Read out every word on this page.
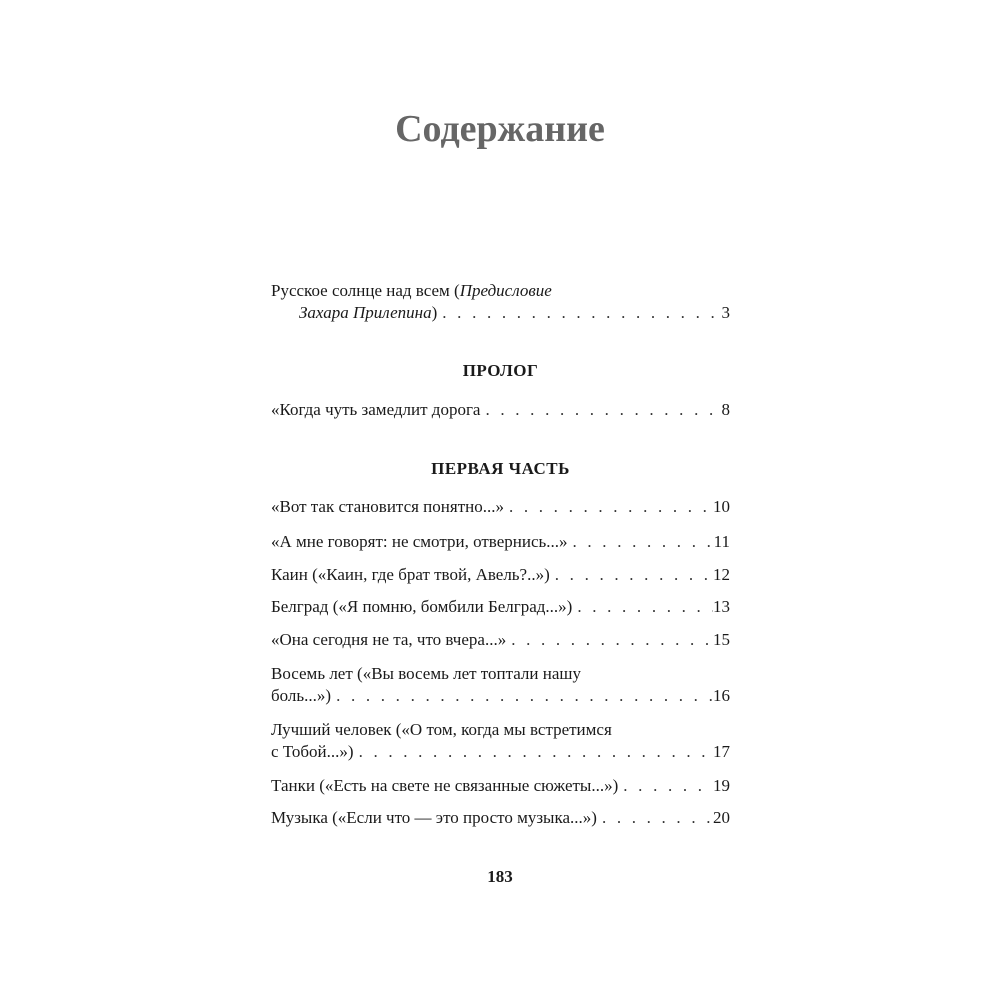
Содержание
Русское солнце над всем (Предисловие
Захара Прилепина ) . . .	3
ПРОЛОГ
«Когда чуть замедлит дорога . . .	8
ПЕРВАЯ ЧАСТЬ
«Вот так становится понятно...» . . .	10
«А мне говорят: не смотри, отвернись...» . . .	11
Каин («Каин, где брат твой, Авель?..») . . .	12
Белград («Я помню, бомбили Белград...») . . .	13
«Она сегодня не та, что вчера...» . . .	15
Восемь лет («Вы восемь лет топтали нашу
боль...») . . .	16
Лучший человек («О том, когда мы встретимся
с Тобой...») . . .	17
Танки («Есть на свете не связанные сюжеты...») . . .	19
Музыка («Если что — это просто музыка...») . . .	20
183
